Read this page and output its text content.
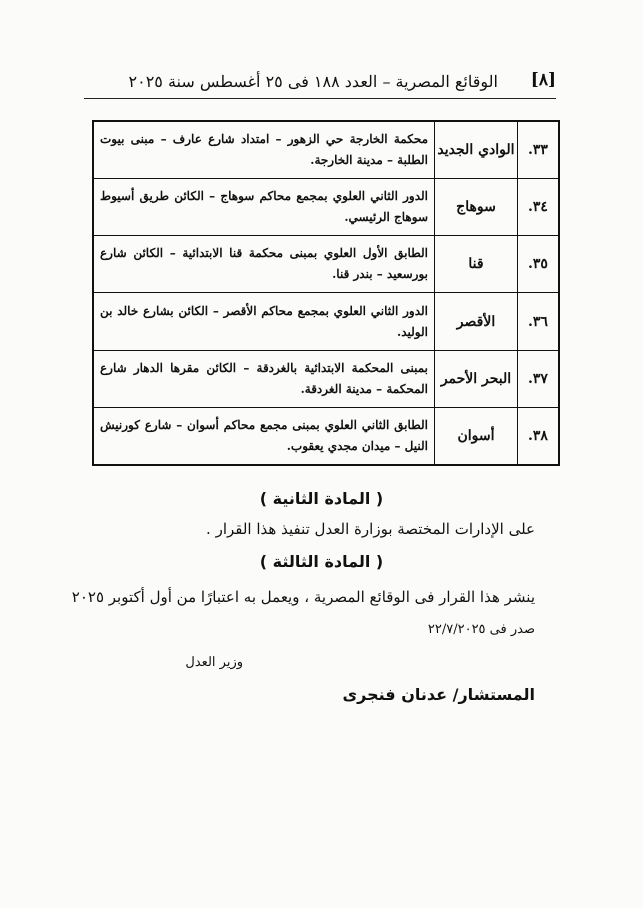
[٨]
الوقائع المصرية – العدد ١٨٨ فى ٢٥ أغسطس سنة ٢٠٢٥
٣٣.	الوادي الجديد	محكمة الخارجة حي الزهور – امتداد شارع عارف – مبنى بيوت الطلبة – مدينة الخارجة.
٣٤.	سوهاج	الدور الثاني العلوي بمجمع محاكم سوهاج – الكائن طريق أسيوط سوهاج الرئيسي.
٣٥.	قنا	الطابق الأول العلوي بمبنى محكمة قنا الابتدائية – الكائن شارع بورسعيد – بندر قنا.
٣٦.	الأقصر	الدور الثاني العلوي بمجمع محاكم الأقصر – الكائن بشارع خالد بن الوليد.
٣٧.	البحر الأحمر	بمبنى المحكمة الابتدائية بالغردقة – الكائن مقرها الدهار شارع المحكمة – مدينة الغردقة.
٣٨.	أسوان	الطابق الثاني العلوي بمبنى مجمع محاكم أسوان – شارع كورنيش النيل – ميدان مجدي يعقوب.
( المادة الثانية )
على الإدارات المختصة بوزارة العدل تنفيذ هذا القرار .
( المادة الثالثة )
ينشر هذا القرار فى الوقائع المصرية ، ويعمل به اعتبارًا من أول أكتوبر ٢٠٢٥
صدر فى ٢٢/٧/٢٠٢٥
وزير العدل
المستشار/ عدنان فنجرى
